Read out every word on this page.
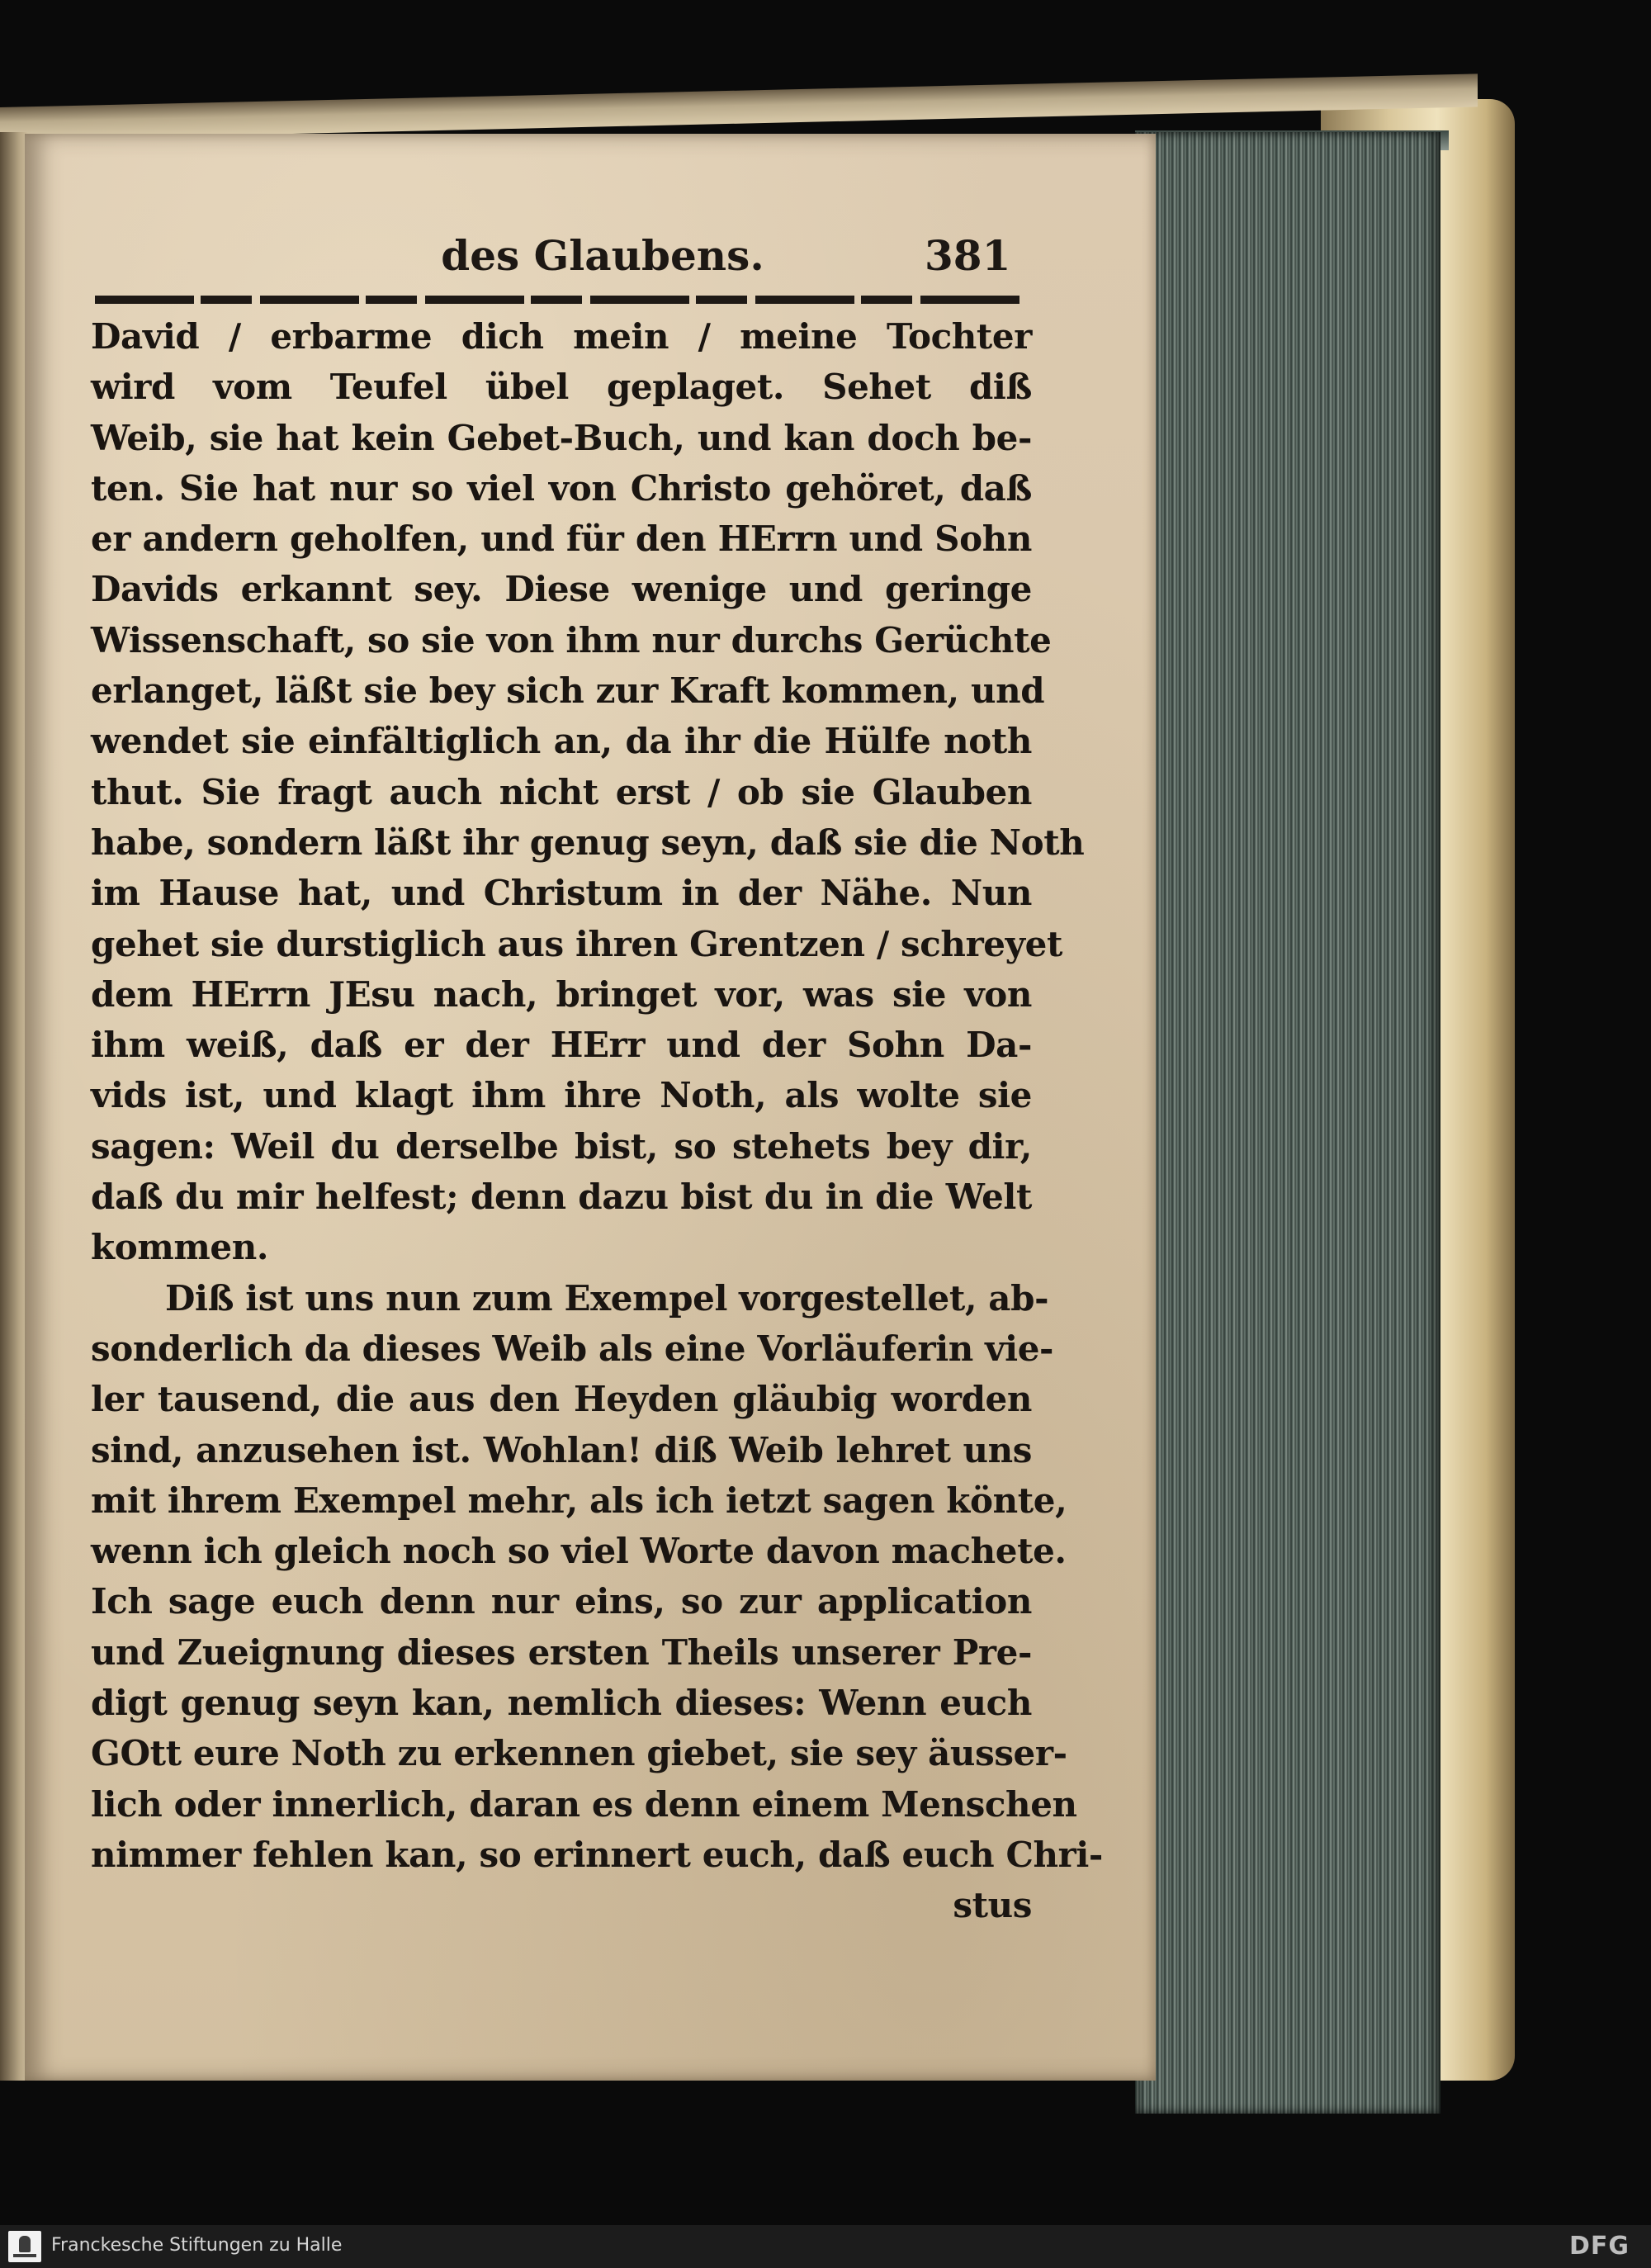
des Glaubens.	381
David / erbarme dich mein / meine Tochter
wird vom Teufel übel geplaget. Sehet diß
Weib, sie hat kein Gebet-Buch, und kan doch be-
ten. Sie hat nur so viel von Christo gehöret, daß
er andern geholfen, und für den HErrn und Sohn
Davids erkannt sey. Diese wenige und geringe
Wissenschaft, so sie von ihm nur durchs Gerüchte
erlanget, läßt sie bey sich zur Kraft kommen, und
wendet sie einfältiglich an, da ihr die Hülfe noth
thut. Sie fragt auch nicht erst / ob sie Glauben
habe, sondern läßt ihr genug seyn, daß sie die Noth
im Hause hat, und Christum in der Nähe. Nun
gehet sie durstiglich aus ihren Grentzen / schreyet
dem HErrn JEsu nach, bringet vor, was sie von
ihm weiß, daß er der HErr und der Sohn Da-
vids ist, und klagt ihm ihre Noth, als wolte sie
sagen: Weil du derselbe bist, so stehets bey dir,
daß du mir helfest; denn dazu bist du in die Welt
kommen.
Diß ist uns nun zum Exempel vorgestellet, ab-
sonderlich da dieses Weib als eine Vorläuferin vie-
ler tausend, die aus den Heyden gläubig worden
sind, anzusehen ist. Wohlan! diß Weib lehret uns
mit ihrem Exempel mehr, als ich ietzt sagen könte,
wenn ich gleich noch so viel Worte davon machete.
Ich sage euch denn nur eins, so zur application
und Zueignung dieses ersten Theils unserer Pre-
digt genug seyn kan, nemlich dieses: Wenn euch
GOtt eure Noth zu erkennen giebet, sie sey äusser-
lich oder innerlich, daran es denn einem Menschen
nimmer fehlen kan, so erinnert euch, daß euch Chri-
stus
Franckesche Stiftungen zu Halle	DFG
